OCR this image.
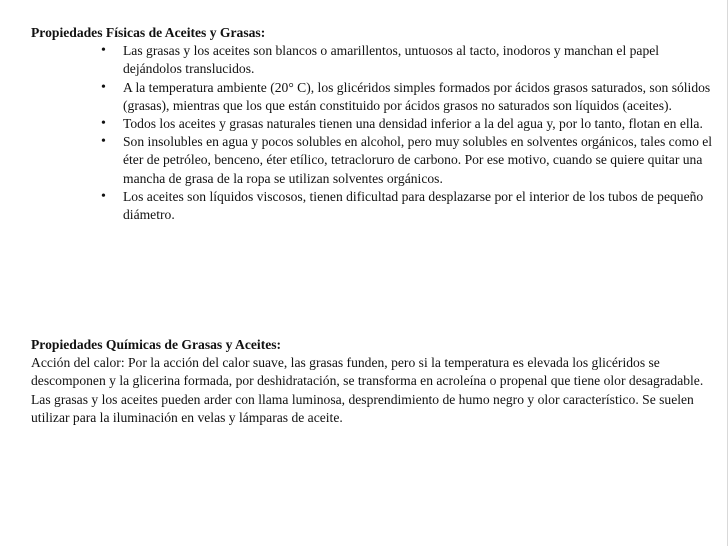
Propiedades Físicas de Aceites y Grasas:

• Las grasas y los aceites son blancos o amarillentos, untuosos al tacto, inodoros y manchan el papel dejándolos translucidos.
• A la temperatura ambiente (20° C), los glicéridos simples formados por ácidos grasos saturados, son sólidos (grasas), mientras que los que están constituido por ácidos grasos no saturados son líquidos (aceites).
• Todos los aceites y grasas naturales tienen una densidad inferior a la del agua y, por lo tanto, flotan en ella.
• Son insolubles en agua y pocos solubles en alcohol, pero muy solubles en solventes orgánicos, tales como el éter de petróleo, benceno, éter etílico, tetracloruro de carbono. Por ese motivo, cuando se quiere quitar una mancha de grasa de la ropa se utilizan solventes orgánicos.
• Los aceites son líquidos viscosos, tienen dificultad para desplazarse por el interior de los tubos de pequeño diámetro.

Propiedades Químicas de Grasas y Aceites:

Acción del calor: Por la acción del calor suave, las grasas funden, pero si la temperatura es elevada los glicéridos se descomponen y la glicerina formada, por deshidratación, se transforma en acroleína o propenal que tiene olor desagradable.

Las grasas y los aceites pueden arder con llama luminosa, desprendimiento de humo negro y olor característico. Se suelen utilizar para la iluminación en velas y lámparas de aceite.
